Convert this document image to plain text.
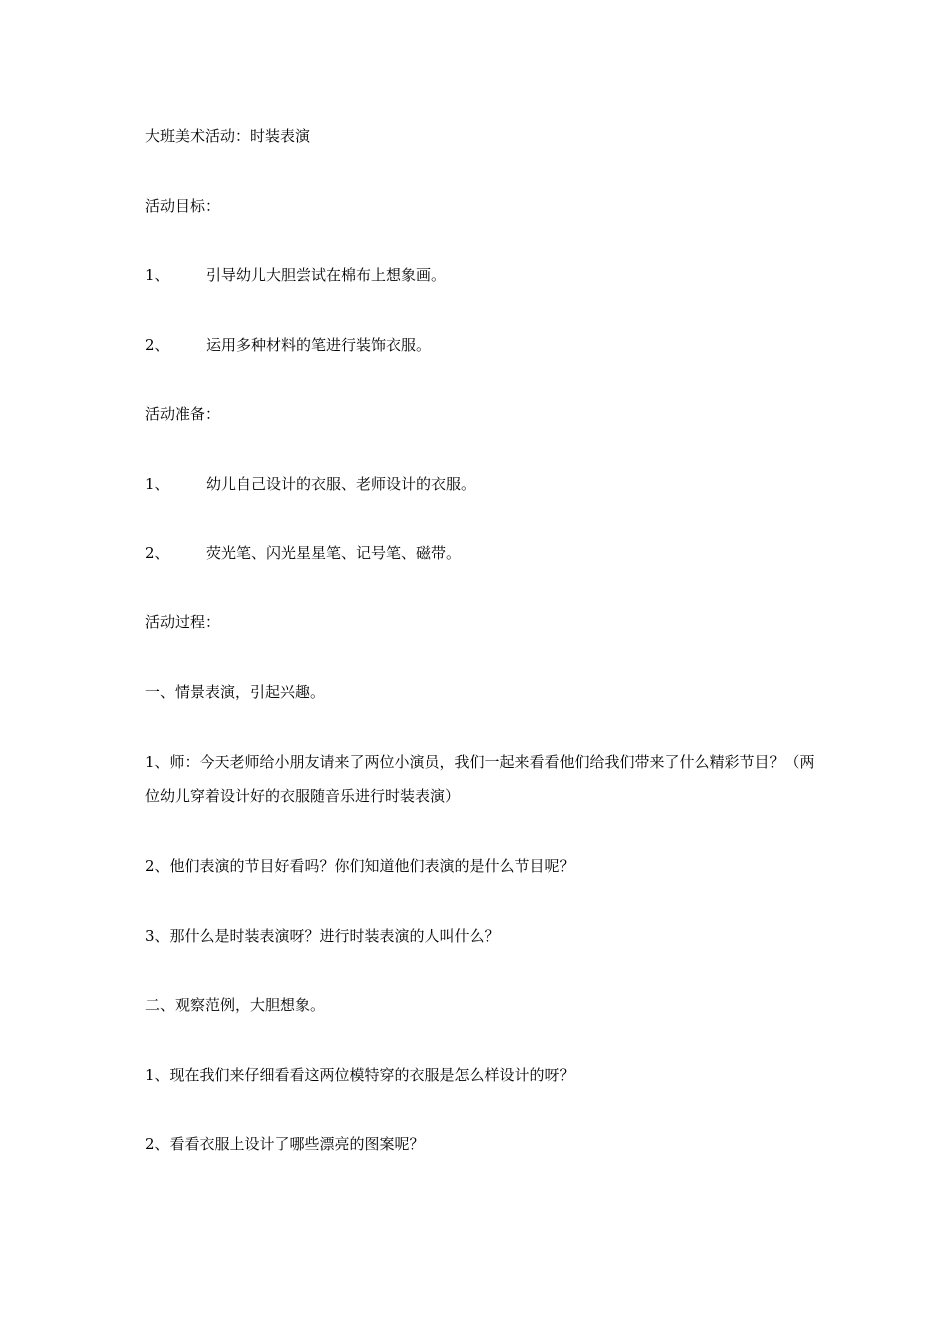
大班美术活动：时装表演
活动目标：
1、 引导幼儿大胆尝试在棉布上想象画。
2、 运用多种材料的笔进行装饰衣服。
活动准备：
1、 幼儿自己设计的衣服、老师设计的衣服。
2、 荧光笔、闪光星星笔、记号笔、磁带。
活动过程：
一、情景表演，引起兴趣。
1、师：今天老师给小朋友请来了两位小演员，我们一起来看看他们给我们带来了什么精彩节目？（两位幼儿穿着设计好的衣服随音乐进行时装表演）
2、他们表演的节目好看吗？你们知道他们表演的是什么节目呢？
3、那什么是时装表演呀？进行时装表演的人叫什么？
二、观察范例，大胆想象。
1、现在我们来仔细看看这两位模特穿的衣服是怎么样设计的呀？
2、看看衣服上设计了哪些漂亮的图案呢？
